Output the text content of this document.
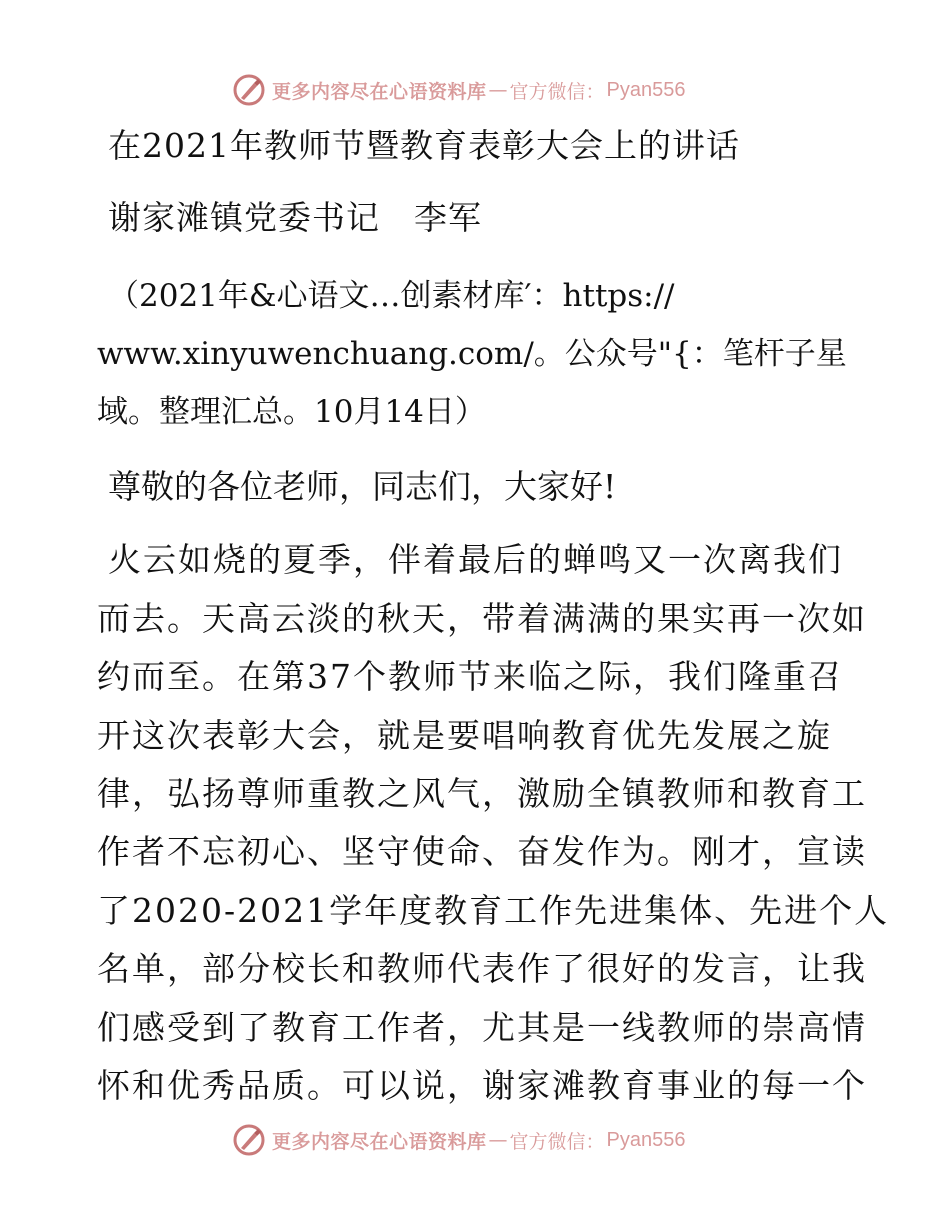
更多内容尽在心语资料库 — 官方微信： Pyan556
在2021年教师节暨教育表彰大会上的讲话
谢家滩镇党委书记　李军
（2021年&心语文…创素材库′：https://
www.xinyuwenchuang.com/。公众号"{：笔杆子星
域。整理汇总。10月14日）
尊敬的各位老师，同志们，大家好!
火云如烧的夏季，伴着最后的蝉鸣又一次离我们
而去。天高云淡的秋天，带着满满的果实再一次如
约而至。在第37个教师节来临之际，我们隆重召
开这次表彰大会，就是要唱响教育优先发展之旋
律，弘扬尊师重教之风气，激励全镇教师和教育工
作者不忘初心、坚守使命、奋发作为。刚才，宣读
了2020-2021学年度教育工作先进集体、先进个人
名单，部分校长和教师代表作了很好的发言，让我
们感受到了教育工作者，尤其是一线教师的崇高情
怀和优秀品质。可以说，谢家滩教育事业的每一个
更多内容尽在心语资料库 — 官方微信： Pyan556
